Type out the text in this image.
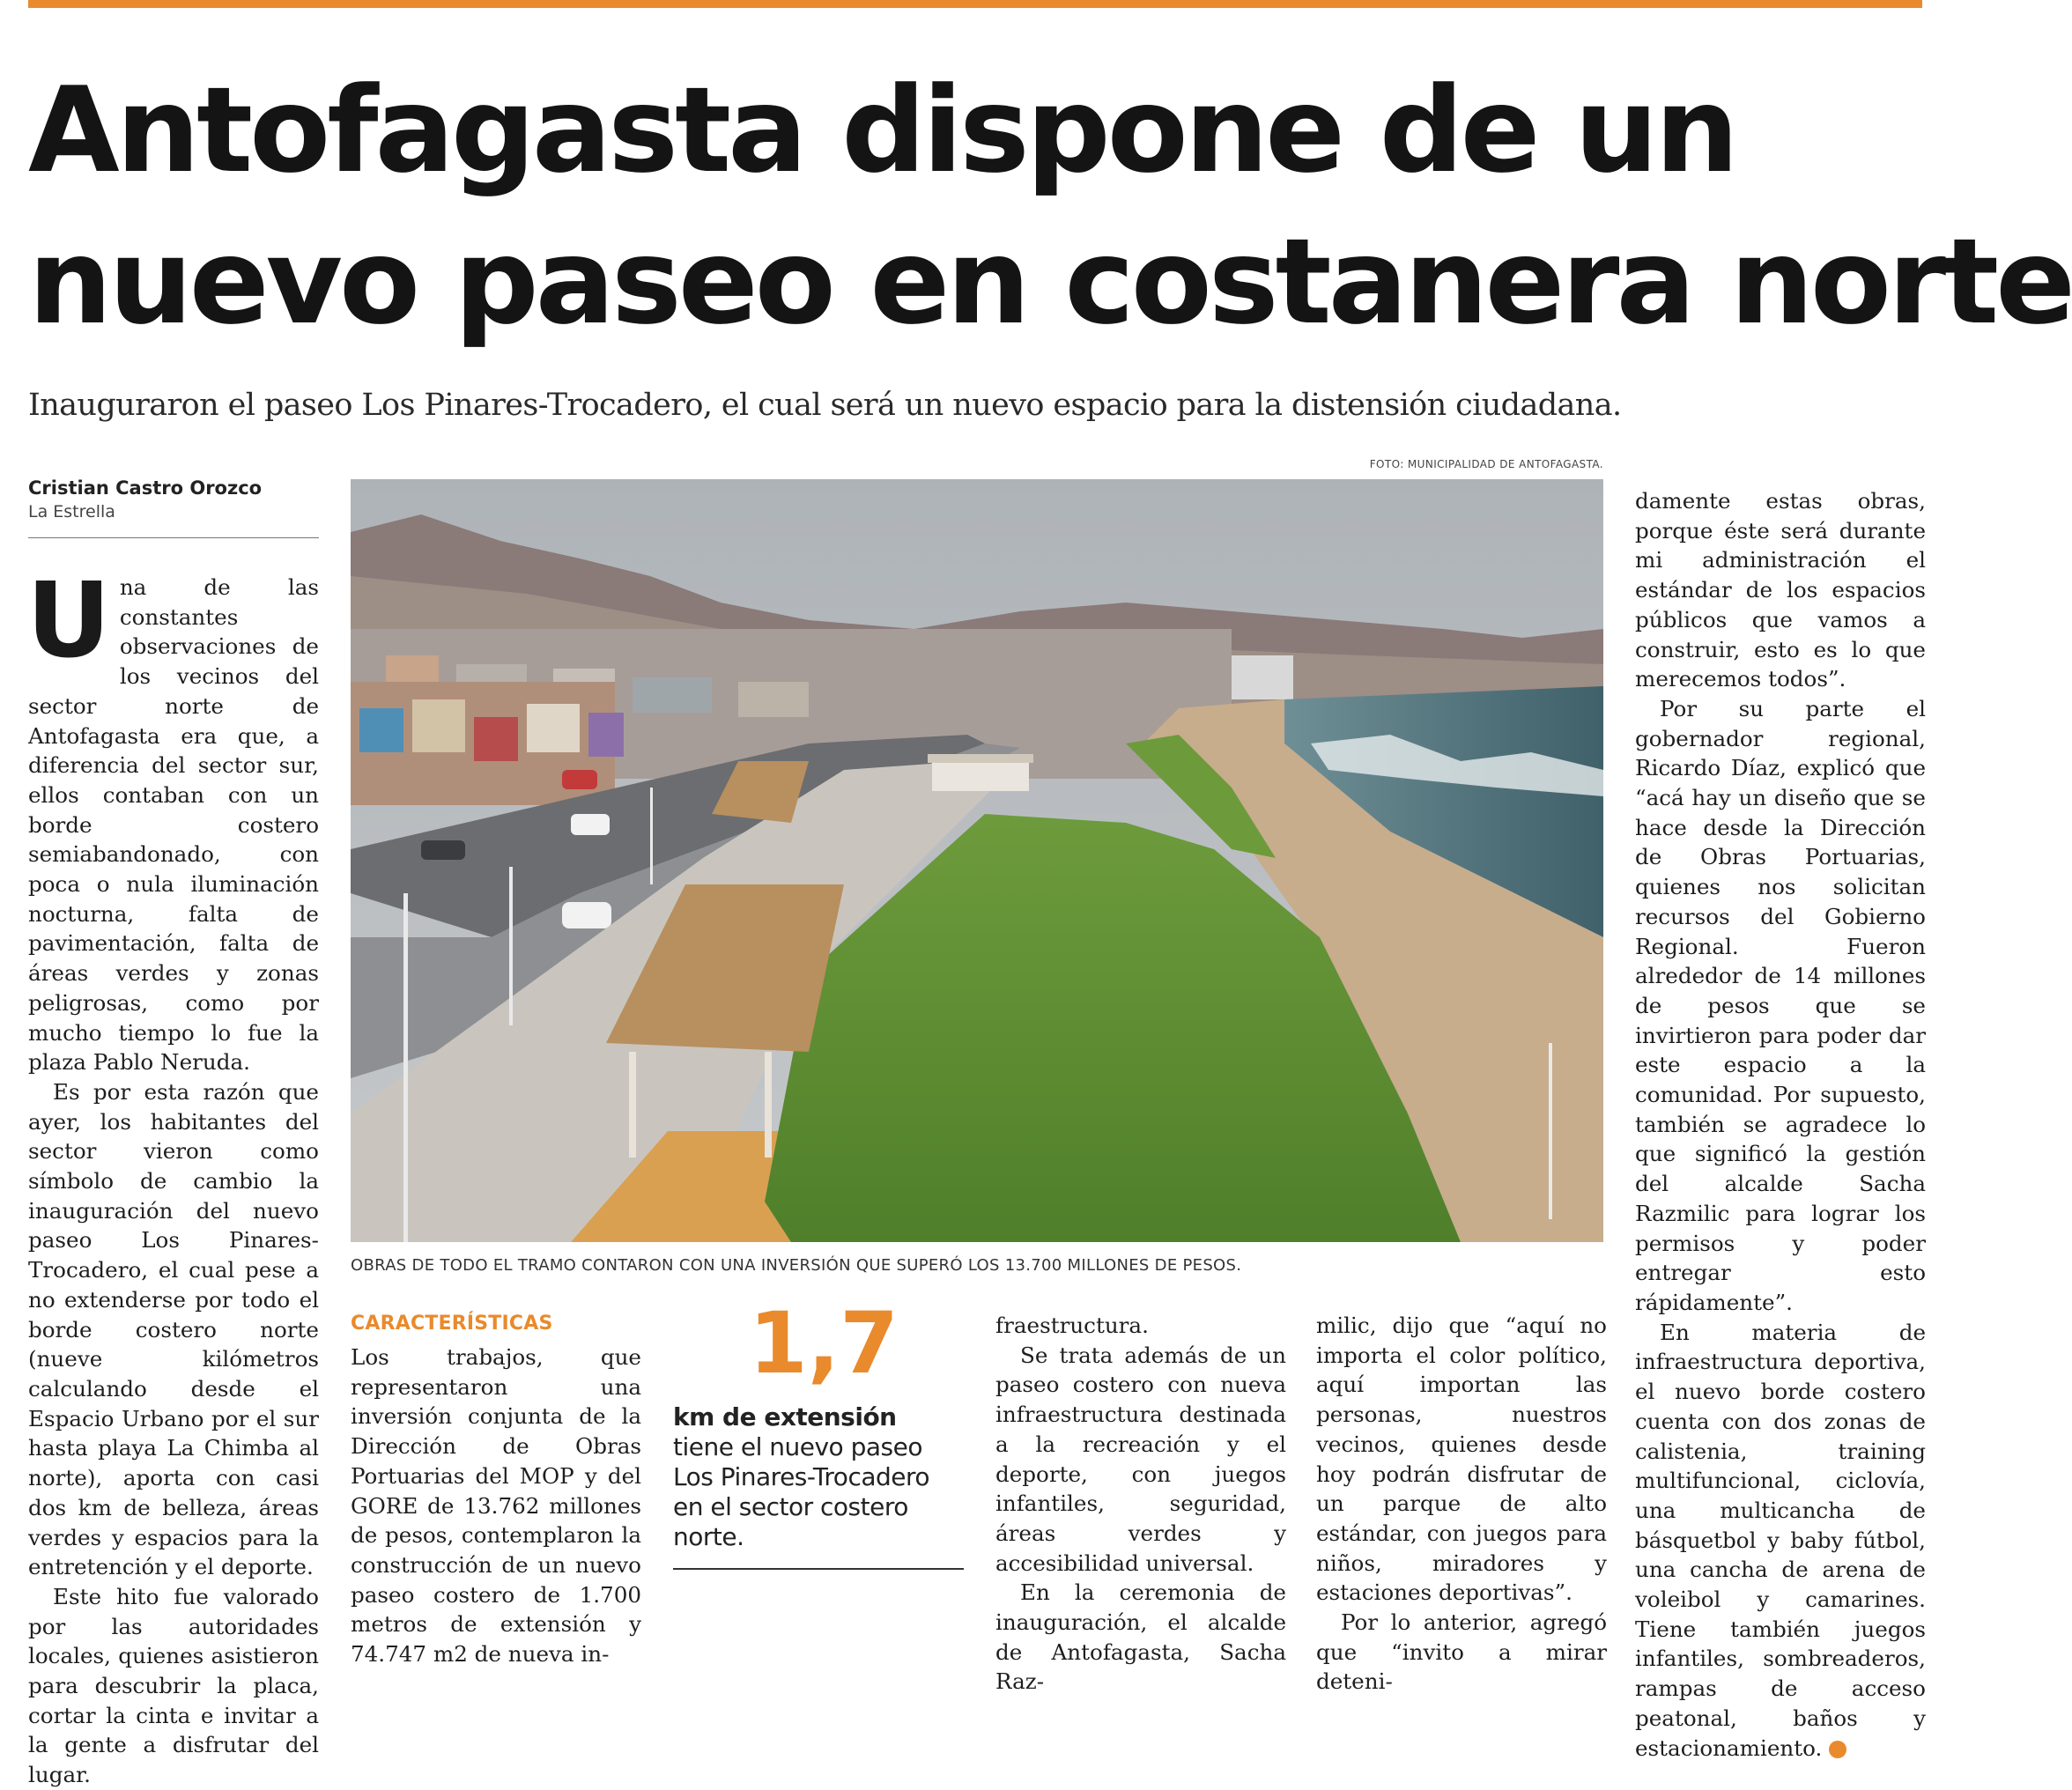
Antofagasta dispone de un
nuevo paseo en costanera norte
Inauguraron el paseo Los Pinares-Trocadero, el cual será un nuevo espacio para la distensión ciudadana.
Cristian Castro Orozco
La Estrella

Una de las constantes observaciones de los vecinos del sector norte de Antofagasta era que, a diferencia del sector sur, ellos contaban con un borde costero semiabandonado, con poca o nula iluminación nocturna, falta de pavimentación, falta de áreas verdes y zonas peligrosas, como por mucho tiempo lo fue la plaza Pablo Neruda.

Es por esta razón que ayer, los habitantes del sector vieron como símbolo de cambio la inauguración del nuevo paseo Los Pinares-Trocadero, el cual pese a no extenderse por todo el borde costero norte (nueve kilómetros calculando desde el Espacio Urbano por el sur hasta playa La Chimba al norte), aporta con casi dos km de belleza, áreas verdes y espacios para la entretención y el deporte.

Este hito fue valorado por las autoridades locales, quienes asistieron para descubrir la placa, cortar la cinta e invitar a la gente a disfrutar del lugar.

FOTO: MUNICIPALIDAD DE ANTOFAGASTA.
OBRAS DE TODO EL TRAMO CONTARON CON UNA INVERSIÓN QUE SUPERÓ LOS 13.700 MILLONES DE PESOS.
CARACTERÍSTICAS

Los trabajos, que representaron una inversión conjunta de la Dirección de Obras Portuarias del MOP y del GORE de 13.762 millones de pesos, contemplaron la construcción de un nuevo paseo costero de 1.700 metros de extensión y 74.747 m2 de nueva in-

1,7
km de extensión tiene el nuevo paseo Los Pinares-Trocadero en el sector costero norte.

fraestructura.

Se trata además de un paseo costero con nueva infraestructura destinada a la recreación y el deporte, con juegos infantiles, seguridad, áreas verdes y accesibilidad universal.

En la ceremonia de inauguración, el alcalde de Antofagasta, Sacha Raz-

milic, dijo que “aquí no importa el color político, aquí importan las personas, nuestros vecinos, quienes desde hoy podrán disfrutar de un parque de alto estándar, con juegos para niños, miradores y estaciones deportivas”.

Por lo anterior, agregó que “invito a mirar deteni-

damente estas obras, porque éste será durante mi administración el estándar de los espacios públicos que vamos a construir, esto es lo que merecemos todos”.

Por su parte el gobernador regional, Ricardo Díaz, explicó que “acá hay un diseño que se hace desde la Dirección de Obras Portuarias, quienes nos solicitan recursos del Gobierno Regional. Fueron alrededor de 14 millones de pesos que se invirtieron para poder dar este espacio a la comunidad. Por supuesto, también se agradece lo que significó la gestión del alcalde Sacha Razmilic para lograr los permisos y poder entregar esto rápidamente”.

En materia de infraestructura deportiva, el nuevo borde costero cuenta con dos zonas de calistenia, training multifuncional, ciclovía, una multicancha de básquetbol y baby fútbol, una cancha de arena de voleibol y camarines. Tiene también juegos infantiles, sombreaderos, rampas de acceso peatonal, baños y estacionamiento.	✪
